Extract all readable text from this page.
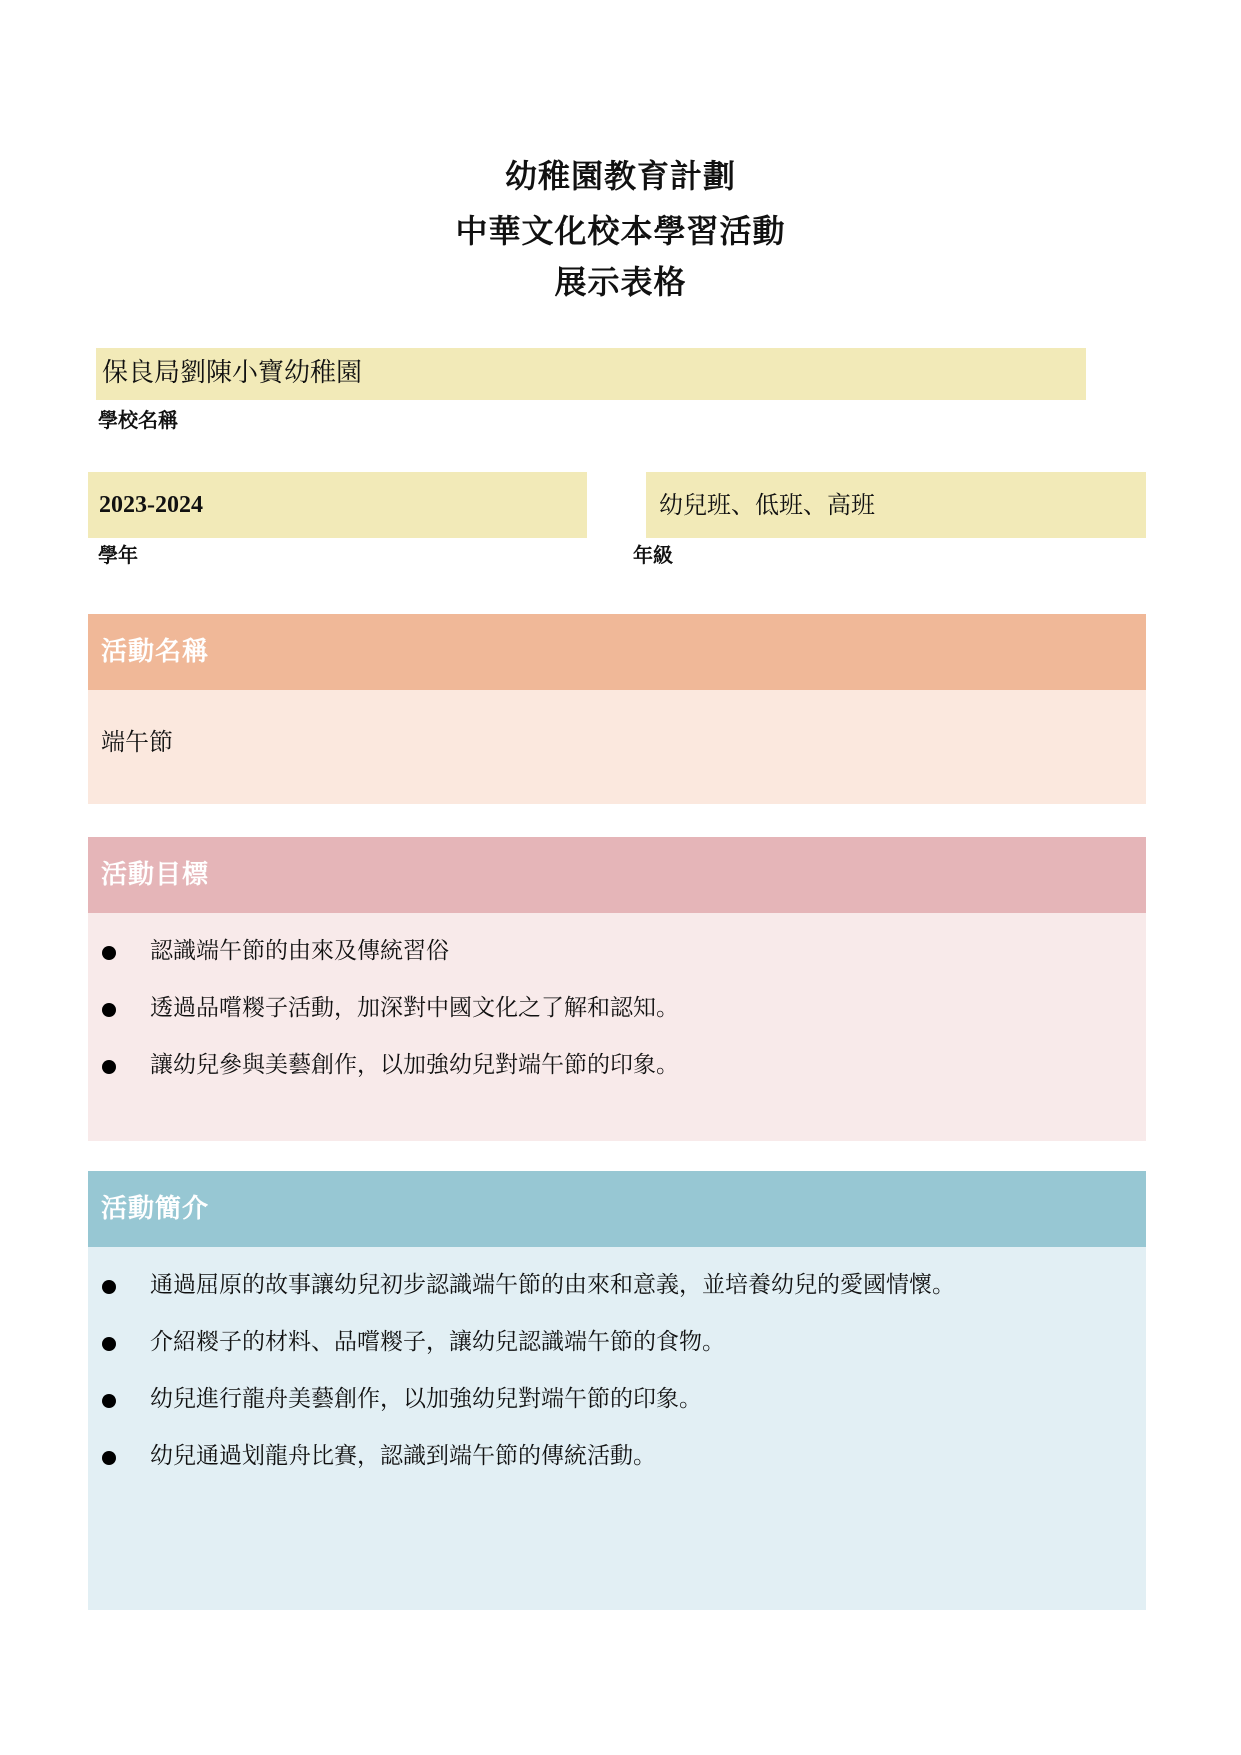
幼稚園教育計劃
中華文化校本學習活動
展示表格
保良局劉陳小寶幼稚園
學校名稱
2023-2024
學年
幼兒班、低班、高班
年級
活動名稱
端午節
活動目標
認識端午節的由來及傳統習俗
透過品嚐糉子活動，加深對中國文化之了解和認知。
讓幼兒參與美藝創作，以加強幼兒對端午節的印象。
活動簡介
通過屈原的故事讓幼兒初步認識端午節的由來和意義，並培養幼兒的愛國情懷。
介紹糉子的材料、品嚐糉子，讓幼兒認識端午節的食物。
幼兒進行龍舟美藝創作，以加強幼兒對端午節的印象。
幼兒通過划龍舟比賽，認識到端午節的傳統活動。
